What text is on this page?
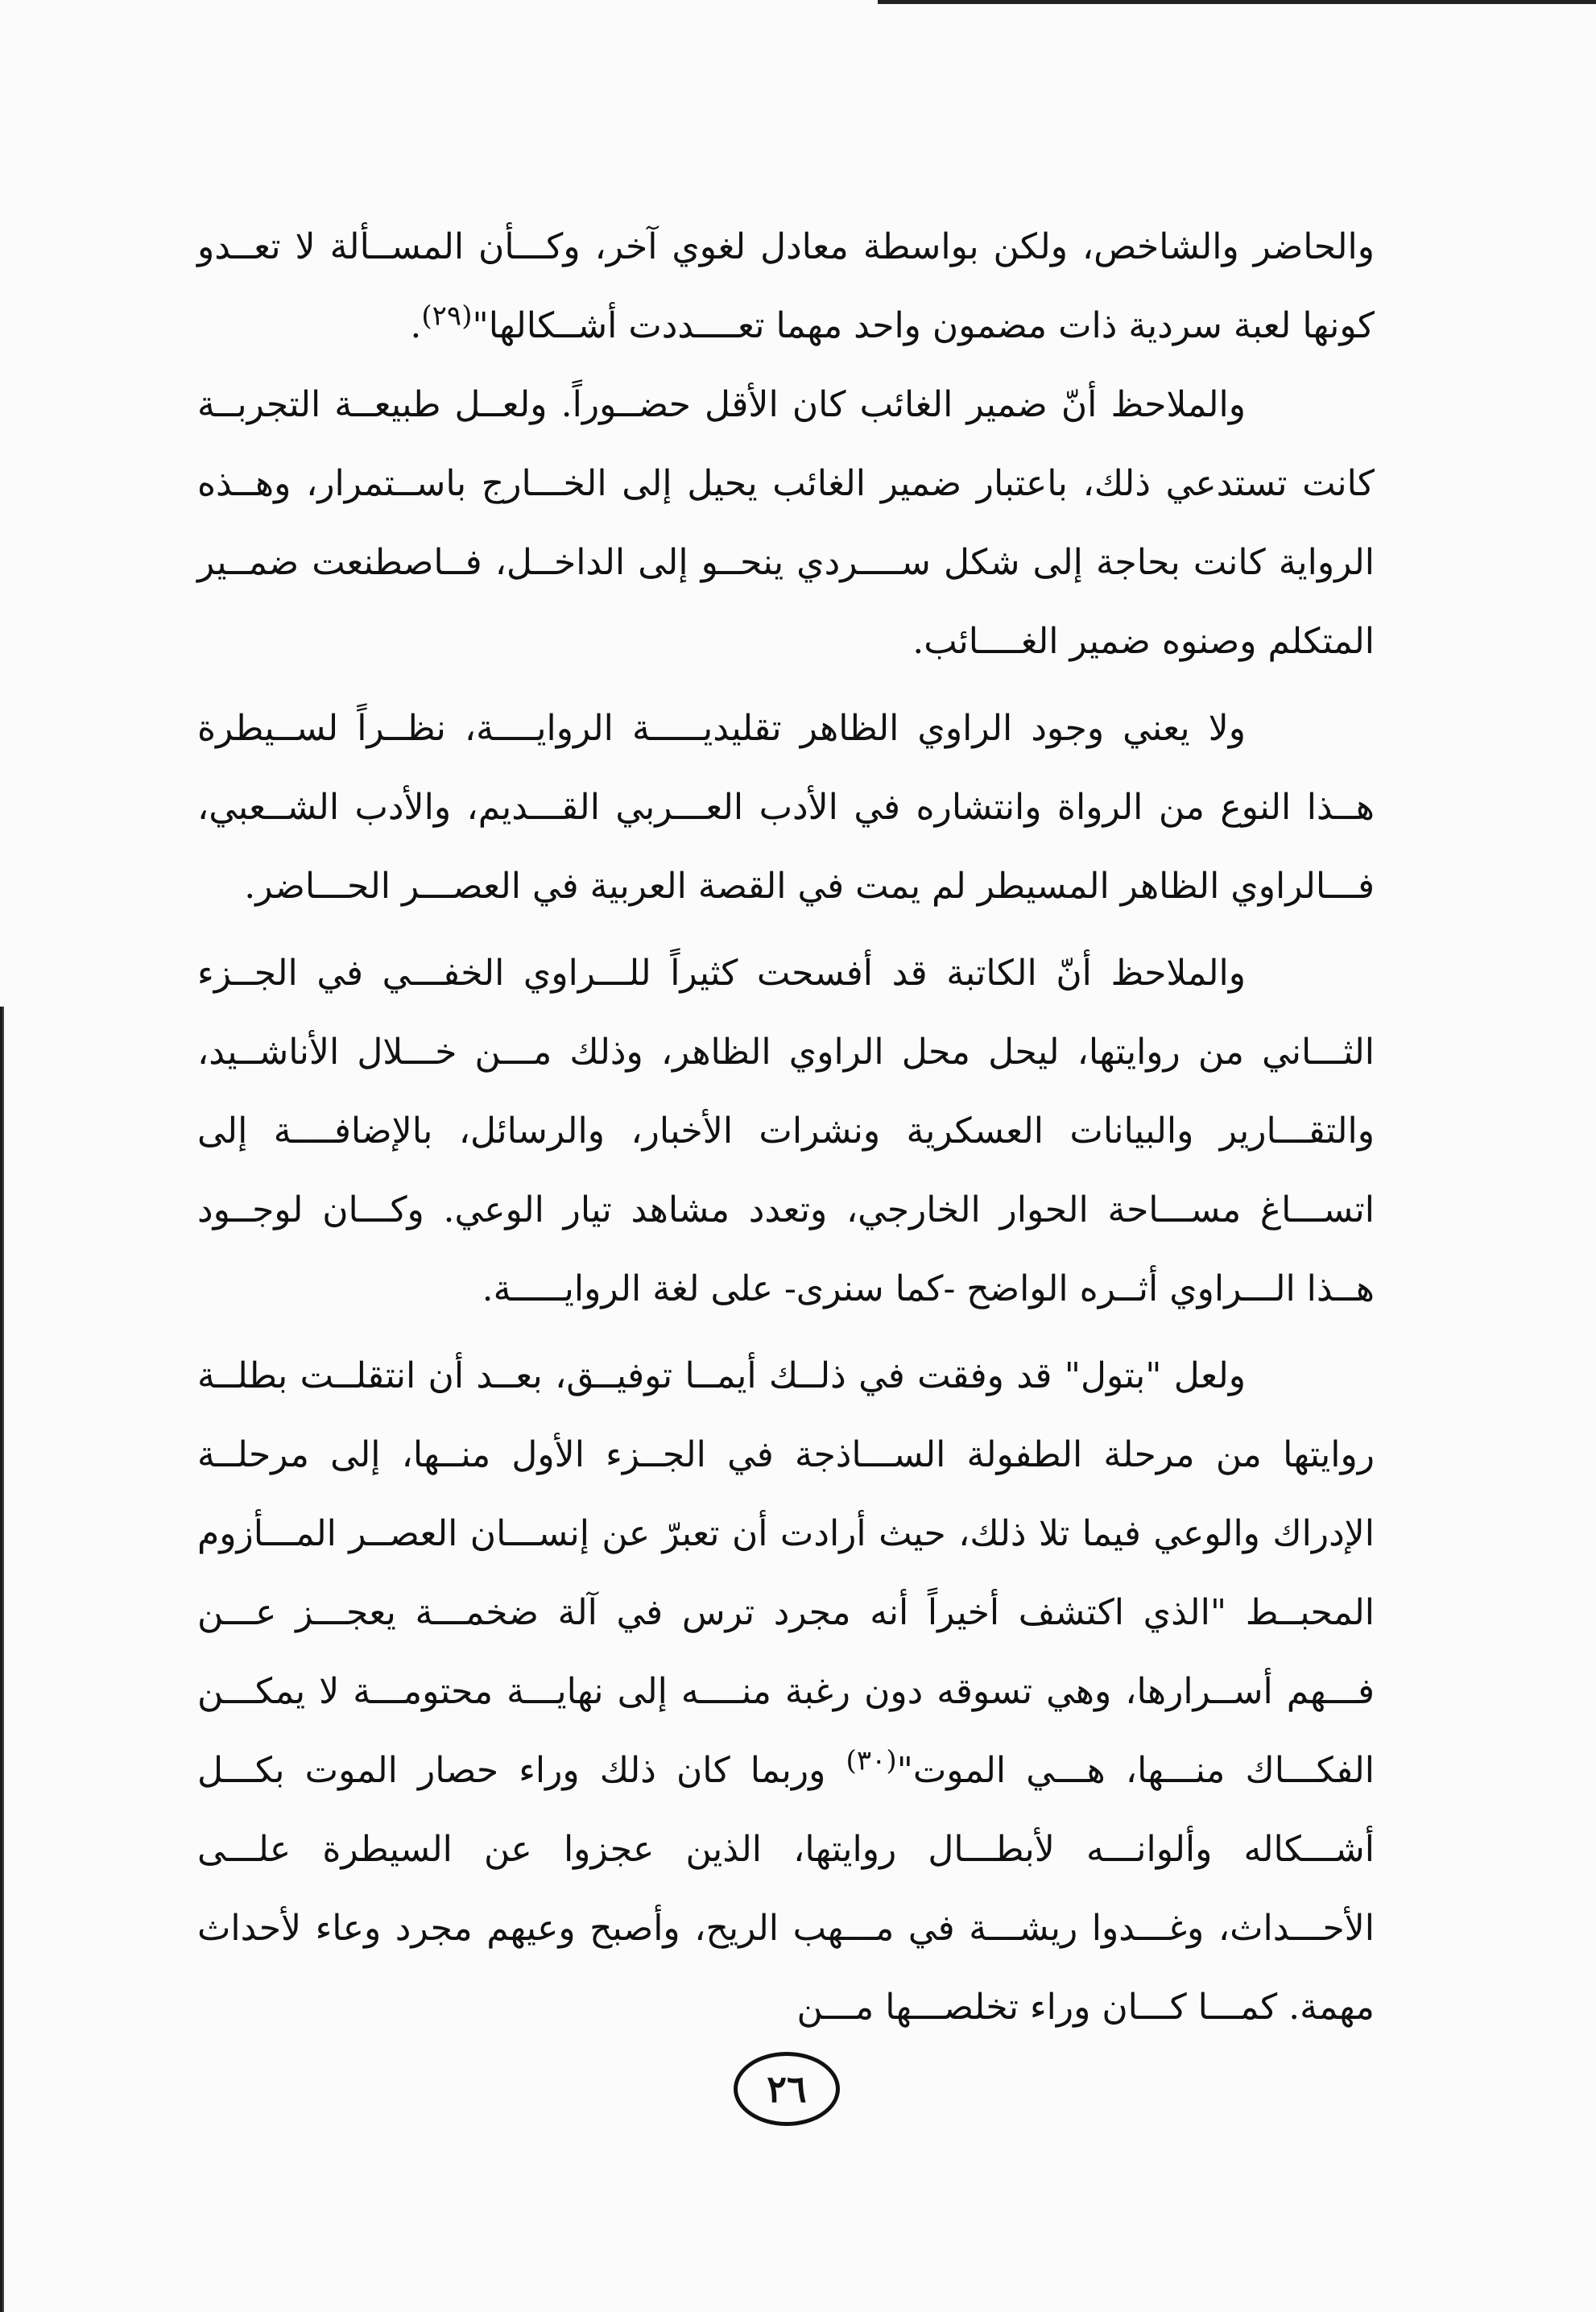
والحاضر والشاخص، ولكن بواسطة معادل لغوي آخر، وكـــأن المســألة لا تعــدو كونها لعبة سردية ذات مضمون واحد مهما تعــــددت أشــكالها"$^{(٢٩)}$.

والملاحظ أنّ ضمير الغائب كان الأقل حضــوراً. ولعــل طبيعــة التجربــة كانت تستدعي ذلك، باعتبار ضمير الغائب يحيل إلى الخـــارج باســتمرار، وهــذه الرواية كانت بحاجة إلى شكل ســــردي ينحــو إلى الداخــل، فــاصطنعت ضمــير المتكلم وصنوه ضمير الغــــائب.

ولا يعني وجود الراوي الظاهر تقليديـــــة الروايــــة، نظــراً لســيطرة هــذا النوع من الرواة وانتشاره في الأدب العـــربي القـــديم، والأدب الشــعبي، فـــالراوي الظاهر المسيطر لم يمت في القصة العربية في العصـــر الحـــاضر.

والملاحظ أنّ الكاتبة قد أفسحت كثيراً للـــراوي الخفـــي في الجــزء الثـــاني من روايتها، ليحل محل الراوي الظاهر، وذلك مـــن خـــلال الأناشــيد، والتقـــارير والبيانات العسكرية ونشرات الأخبار، والرسائل، بالإضافــــة إلى اتســـاغ مســـاحة الحوار الخارجي، وتعدد مشاهد تيار الوعي. وكـــان لوجــود هــذا الـــراوي أثــره الواضح -كما سنرى- على لغة الروايـــــة.

ولعل "بتول" قد وفقت في ذلــك أيمــا توفيــق، بعــد أن انتقلــت بطلــة روايتها من مرحلة الطفولة الســـاذجة في الجــزء الأول منــها، إلى مرحلــة الإدراك والوعي فيما تلا ذلك، حيث أرادت أن تعبرّ عن إنســـان العصــر المـــأزوم المحبــط "الذي اكتشف أخيراً أنه مجرد ترس في آلة ضخمـــة يعجـــز عـــن فـــهم أســرارها، وهي تسوقه دون رغبة منــــه إلى نهايـــة محتومـــة لا يمكـــن الفكـــاك منـــها، هـــي الموت"$^{(٣٠)}$ وربما كان ذلك وراء حصار الموت بكـــل أشـــكاله وألوانـــه لأبطـــال روايتها، الذين عجزوا عن السيطرة علـــى الأحـــداث، وغـــدوا ريشـــة في مـــهب الريح، وأصبح وعيهم مجرد وعاء لأحداث مهمة. كمـــا كـــان وراء تخلصـــها مـــن

٢٦
